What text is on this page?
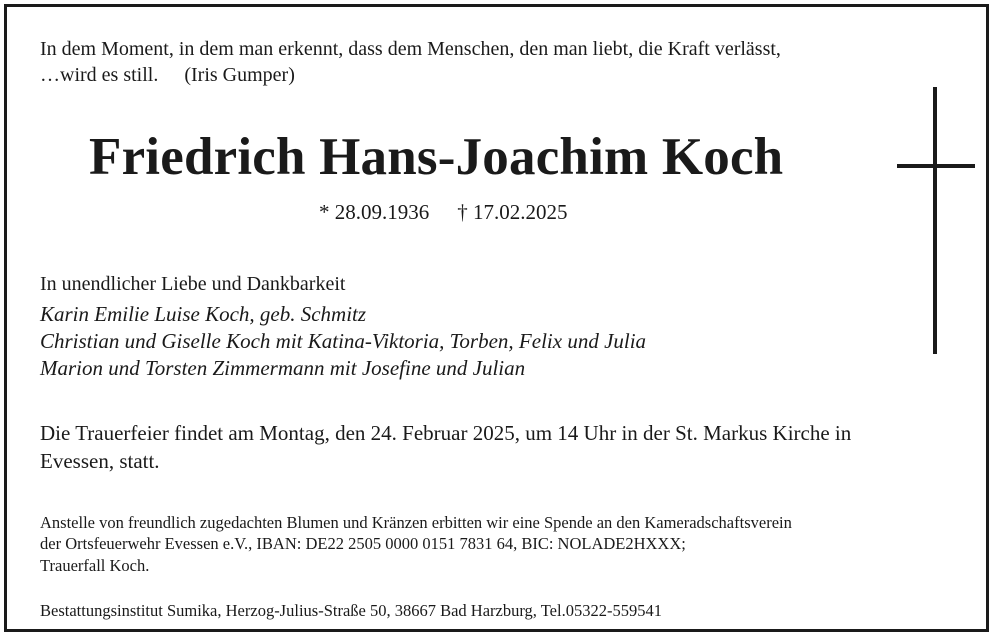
In dem Moment, in dem man erkennt, dass dem Menschen, den man liebt, die Kraft verlässt,

…wird es still. (Iris Gumper)

Friedrich Hans-Joachim Koch

* 28.09.1936 † 17.02.2025

In unendlicher Liebe und Dankbarkeit

Karin Emilie Luise Koch, geb. Schmitz

Christian und Giselle Koch mit Katina-Viktoria, Torben, Felix und Julia

Marion und Torsten Zimmermann mit Josefine und Julian

Die Trauerfeier findet am Montag, den 24. Februar 2025, um 14 Uhr in der St. Markus Kirche in

Evessen, statt.

Anstelle von freundlich zugedachten Blumen und Kränzen erbitten wir eine Spende an den Kameradschaftsverein

der Ortsfeuerwehr Evessen e.V., IBAN: DE22 2505 0000 0151 7831 64, BIC: NOLADE2HXXX;

Trauerfall Koch.

Bestattungsinstitut Sumika, Herzog-Julius-Straße 50, 38667 Bad Harzburg, Tel.05322-559541
